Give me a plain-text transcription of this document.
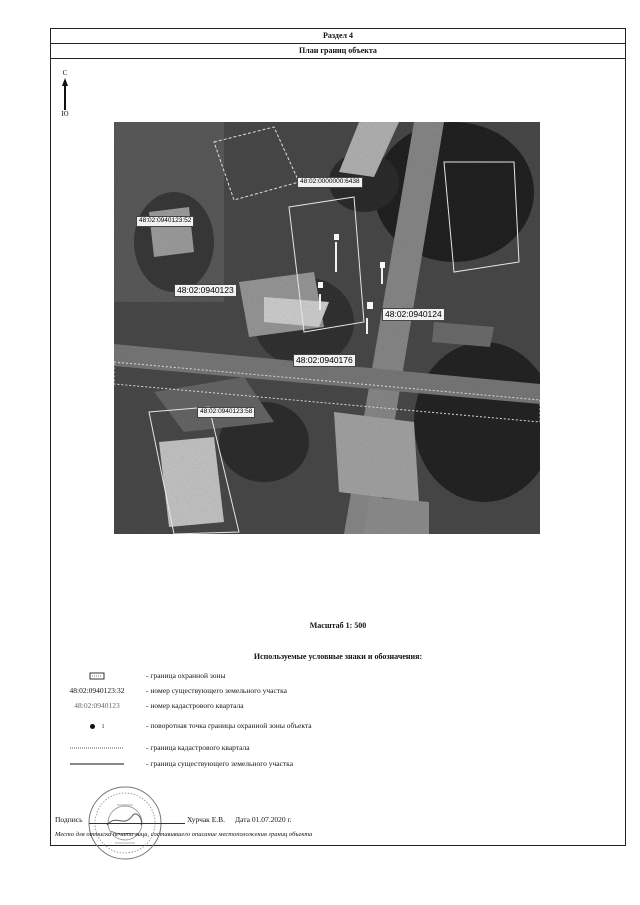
Раздел 4
План границ объекта
С
Ю
48:02:0000000:6438
48:02:0940123:52
48:02:0940123
48:02:0940124
48:02:0940176
48:02:0940123:58
Масштаб 1: 500
Используемые условные знаки и обозначения:
- граница охранной зоны
48:02:0940123:32	- номер существующего земельного участка
48:02:0940123	- номер кадастрового квартала
1	- поворотная точка границы охранной зоны объекта
- граница кадастрового квартала
- граница существующего земельного участка
Подпись	Хурчак Е.В. Дата 01.07.2020 г.
Место для оттиска печати лица, составившего описание местоположения границ объекта
